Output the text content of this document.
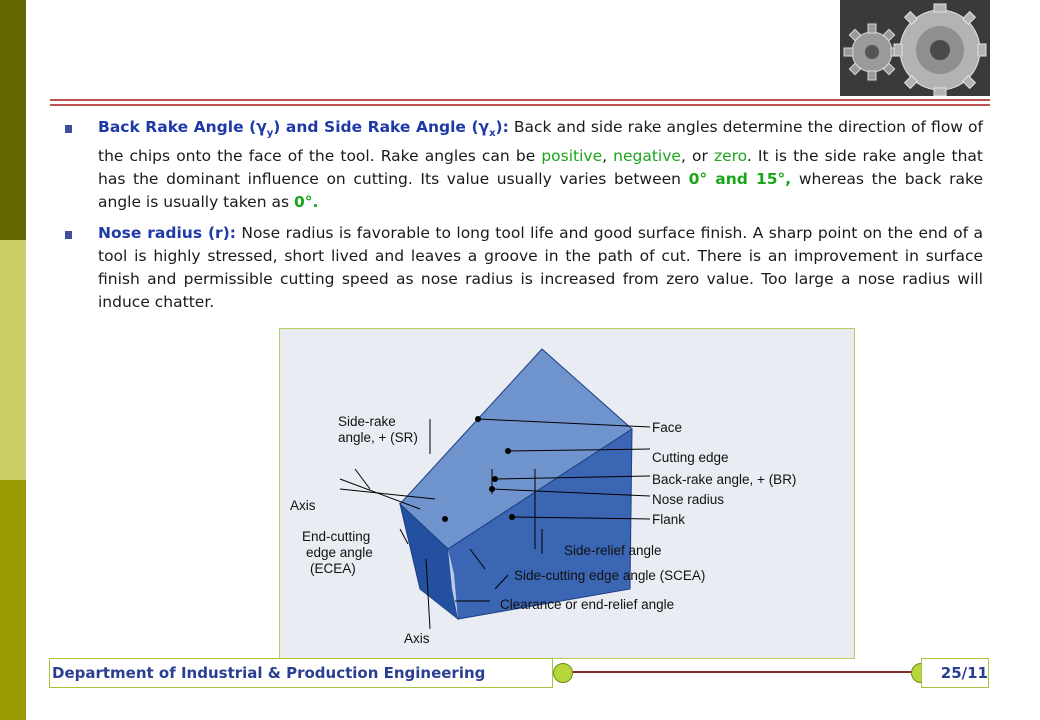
Back Rake Angle $(\gamma_y)$ and Side Rake Angle $(\gamma_x)$: Back and side rake angles determine the direction of flow of the chips onto the face of the tool. Rake angles can be positive, negative, or zero. It is the side rake angle that has the dominant influence on cutting. Its value usually varies between 0° and 15°, whereas the back rake angle is usually taken as 0°.
Nose radius (r): Nose radius is favorable to long tool life and good surface finish. A sharp point on the end of a tool is highly stressed, short lived and leaves a groove in the path of cut. There is an improvement in surface finish and permissible cutting speed as nose radius is increased from zero value. Too large a nose radius will induce chatter.
Side-rake angle, + (SR)
Axis
End-cutting edge angle (ECEA)
Axis
Face
Cutting edge
Back-rake angle, + (BR)
Nose radius
Flank
Side-relief angle
Side-cutting edge angle (SCEA)
Clearance or end-relief angle
Department of Industrial & Production Engineering	25/11
